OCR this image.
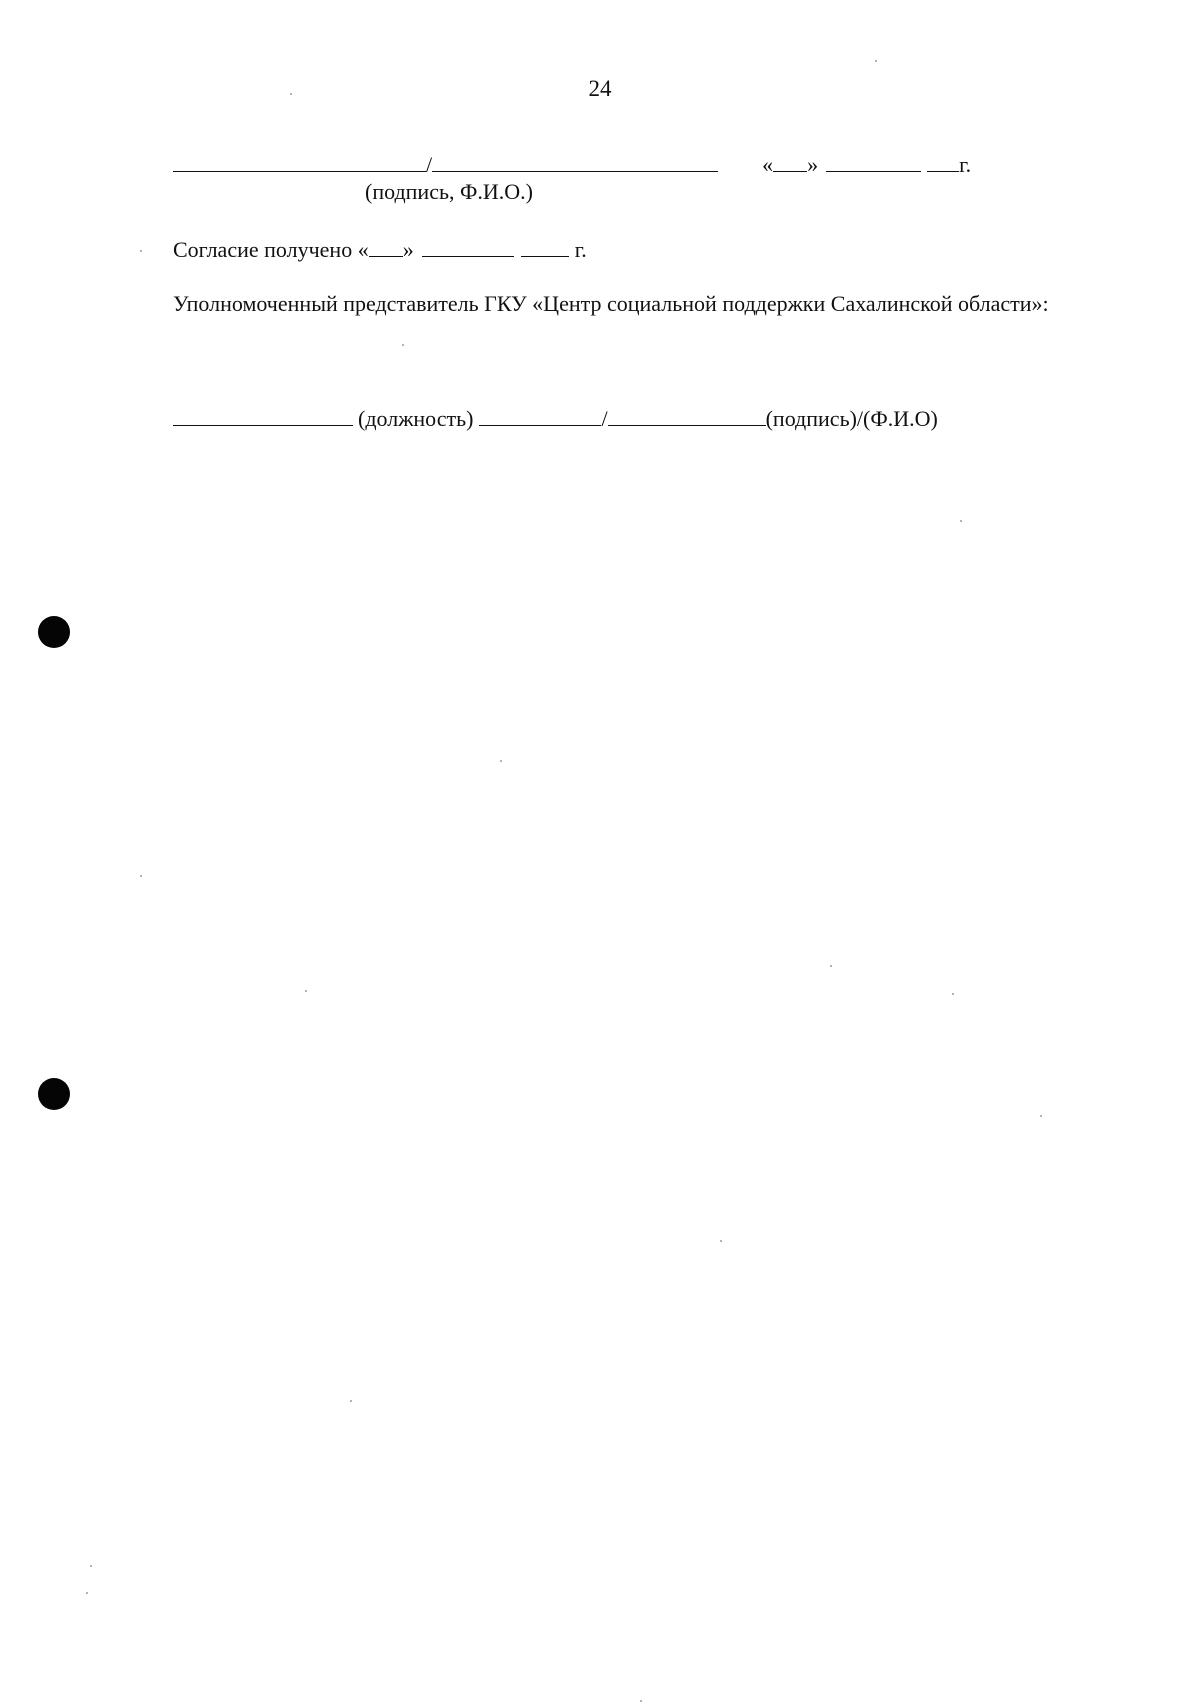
24
/	« »	г.
(подпись, Ф.И.О.)
Согласие получено « »	г.
Уполномоченный представитель ГКУ «Центр социальной поддержки Сахалинской области»:
(должность)	/	(подпись)/(Ф.И.О)
